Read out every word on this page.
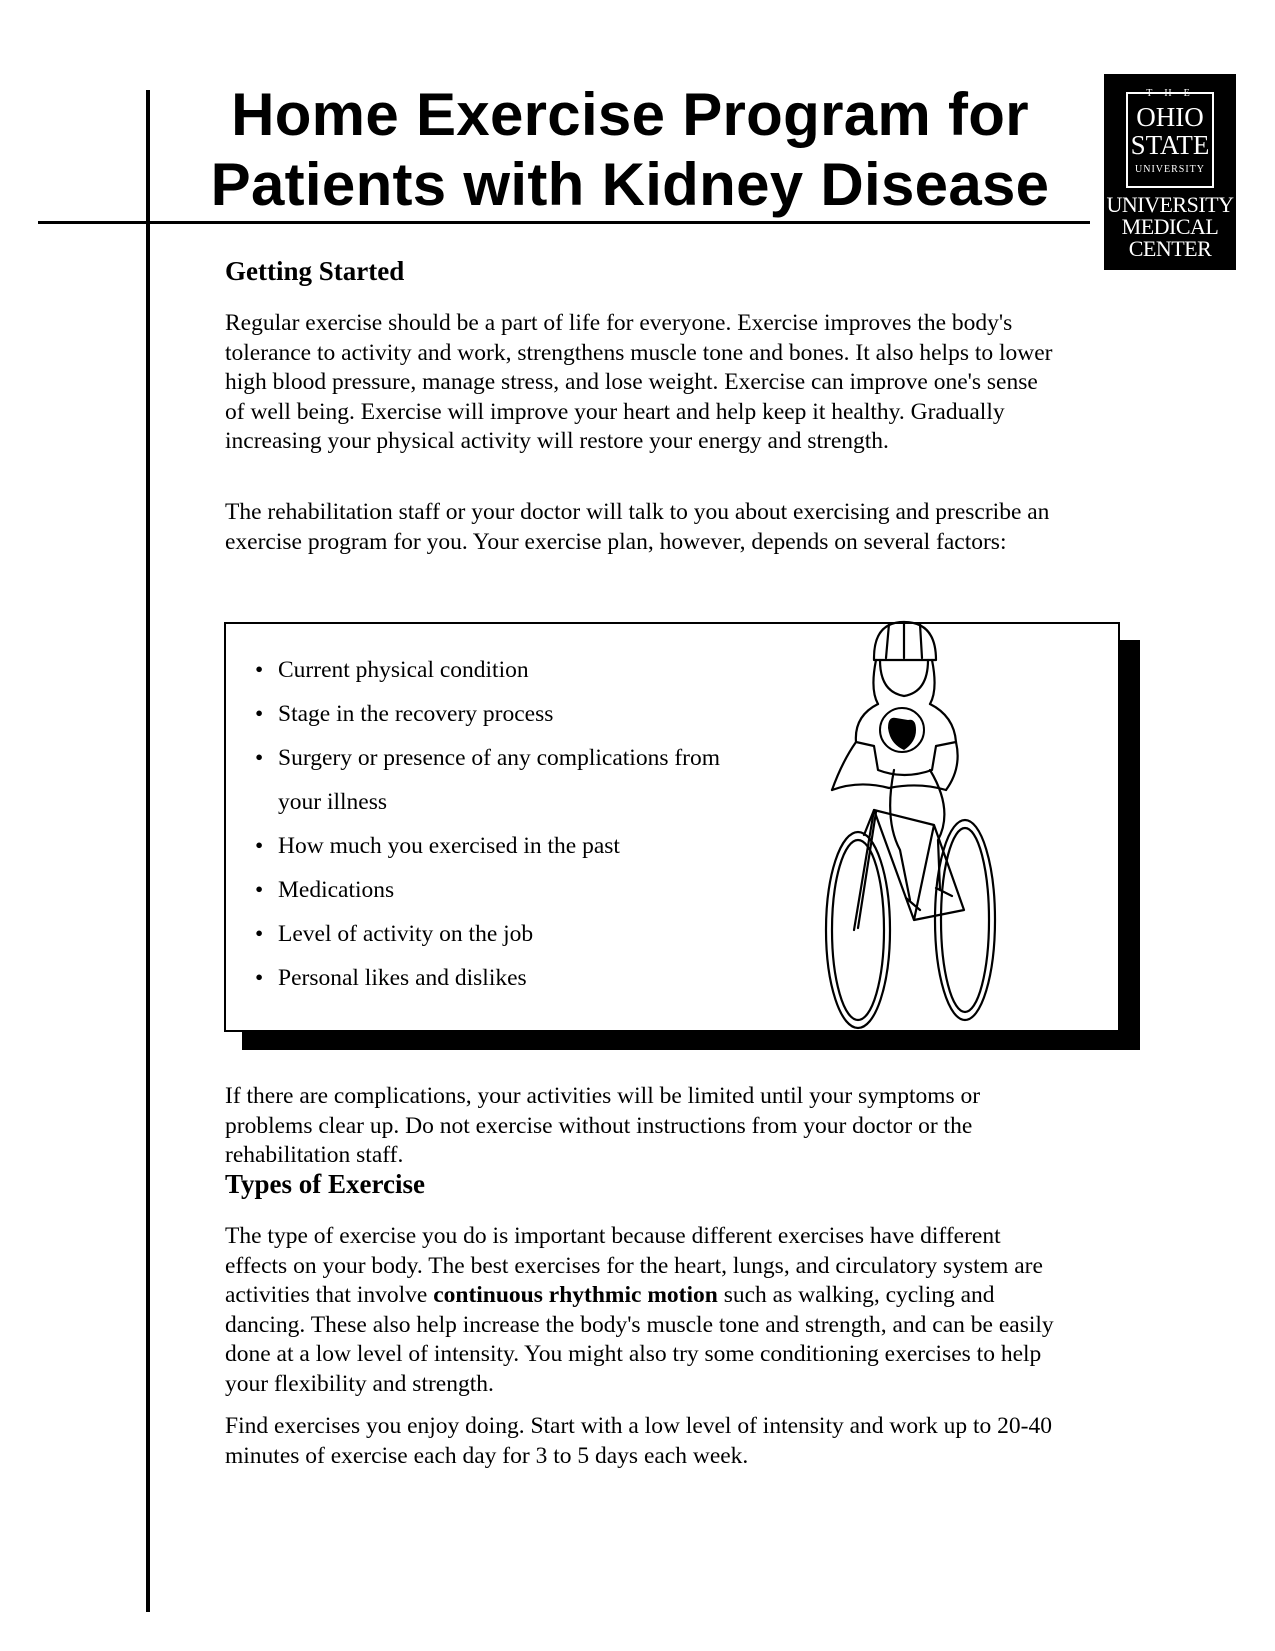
Home Exercise Program for
Patients with Kidney Disease
THE
OHIO
STATE
UNIVERSITY
UNIVERSITY
MEDICAL
CENTER
Getting Started

Regular exercise should be a part of life for everyone. Exercise improves the body's tolerance to activity and work, strengthens muscle tone and bones. It also helps to lower high blood pressure, manage stress, and lose weight. Exercise can improve one's sense of well being. Exercise will improve your heart and help keep it healthy. Gradually increasing your physical activity will restore your energy and strength.

The rehabilitation staff or your doctor will talk to you about exercising and prescribe an exercise program for you. Your exercise plan, however, depends on several factors:

• Current physical condition
• Stage in the recovery process
• Surgery or presence of any complications from
your illness
• How much you exercised in the past
• Medications
• Level of activity on the job
• Personal likes and dislikes

If there are complications, your activities will be limited until your symptoms or problems clear up. Do not exercise without instructions from your doctor or the rehabilitation staff.

Types of Exercise

The type of exercise you do is important because different exercises have different effects on your body. The best exercises for the heart, lungs, and circulatory system are activities that involve continuous rhythmic motion such as walking, cycling and dancing. These also help increase the body's muscle tone and strength, and can be easily done at a low level of intensity. You might also try some conditioning exercises to help your flexibility and strength.

Find exercises you enjoy doing. Start with a low level of intensity and work up to 20-40 minutes of exercise each day for 3 to 5 days each week.
